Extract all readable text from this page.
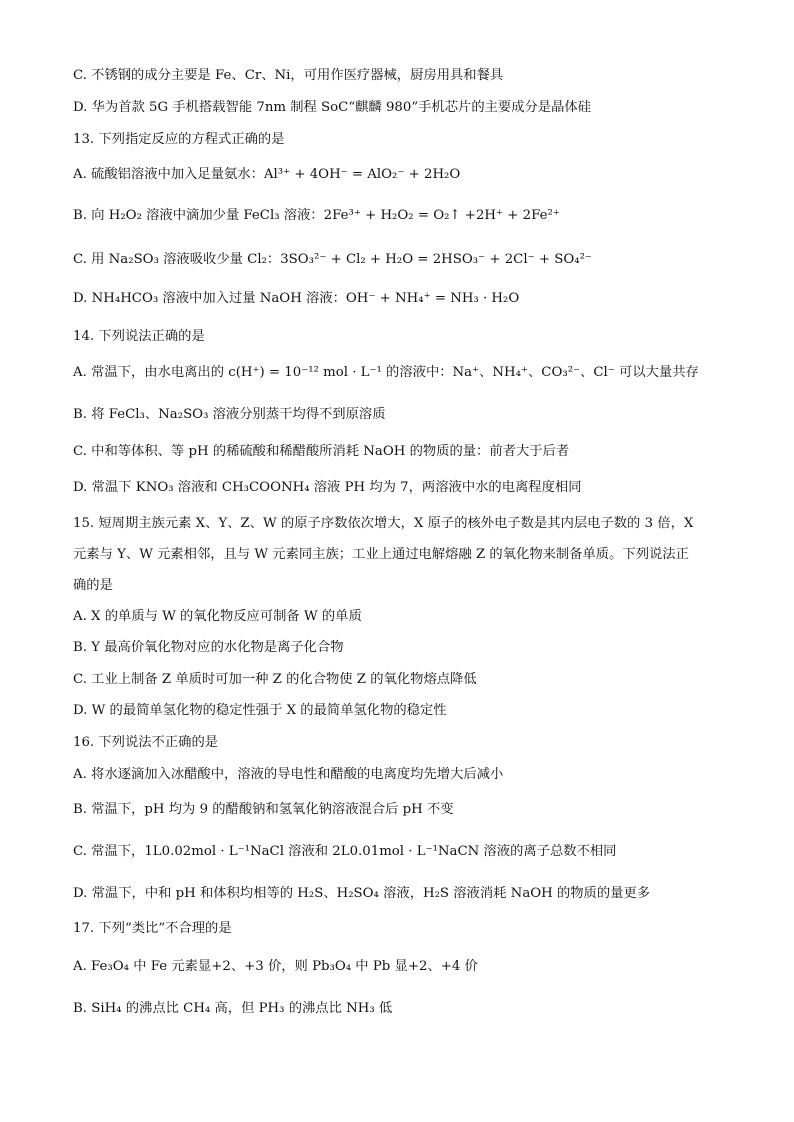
C. 不锈钢的成分主要是 Fe、Cr、Ni，可用作医疗器械，厨房用具和餐具
D. 华为首款 5G 手机搭载智能 7nm 制程 SoC“麒麟 980”手机芯片的主要成分是晶体硅
13. 下列指定反应的方程式正确的是
A. 硫酸铝溶液中加入足量氨水：Al³⁺ + 4OH⁻ = AlO₂⁻ + 2H₂O
B. 向 H₂O₂ 溶液中滴加少量 FeCl₃ 溶液：2Fe³⁺ + H₂O₂ = O₂↑ +2H⁺ + 2Fe²⁺
C. 用 Na₂SO₃ 溶液吸收少量 Cl₂：3SO₃²⁻ + Cl₂ + H₂O = 2HSO₃⁻ + 2Cl⁻ + SO₄²⁻
D. NH₄HCO₃ 溶液中加入过量 NaOH 溶液：OH⁻ + NH₄⁺ = NH₃ · H₂O
14. 下列说法正确的是
A. 常温下，由水电离出的 c(H⁺) = 10⁻¹² mol · L⁻¹ 的溶液中：Na⁺、NH₄⁺、CO₃²⁻、Cl⁻ 可以大量共存
B. 将 FeCl₃、Na₂SO₃ 溶液分别蒸干均得不到原溶质
C. 中和等体积、等 pH 的稀硫酸和稀醋酸所消耗 NaOH 的物质的量：前者大于后者
D. 常温下 KNO₃ 溶液和 CH₃COONH₄ 溶液 PH 均为 7，两溶液中水的电离程度相同
15. 短周期主族元素 X、Y、Z、W 的原子序数依次增大，X 原子的核外电子数是其内层电子数的 3 倍，X
元素与 Y、W 元素相邻，且与 W 元素同主族；工业上通过电解熔融 Z 的氧化物来制备单质。下列说法正
确的是
A. X 的单质与 W 的氧化物反应可制备 W 的单质
B. Y 最高价氧化物对应的水化物是离子化合物
C. 工业上制备 Z 单质时可加一种 Z 的化合物使 Z 的氧化物熔点降低
D. W 的最简单氢化物的稳定性强于 X 的最简单氢化物的稳定性
16. 下列说法不正确的是
A. 将水逐滴加入冰醋酸中，溶液的导电性和醋酸的电离度均先增大后减小
B. 常温下，pH 均为 9 的醋酸钠和氢氧化钠溶液混合后 pH 不变
C. 常温下，1L0.02mol · L⁻¹NaCl 溶液和 2L0.01mol · L⁻¹NaCN 溶液的离子总数不相同
D. 常温下，中和 pH 和体积均相等的 H₂S、H₂SO₄ 溶液，H₂S 溶液消耗 NaOH 的物质的量更多
17. 下列“类比”不合理的是
A. Fe₃O₄ 中 Fe 元素显+2、+3 价，则 Pb₃O₄ 中 Pb 显+2、+4 价
B. SiH₄ 的沸点比 CH₄ 高，但 PH₃ 的沸点比 NH₃ 低
